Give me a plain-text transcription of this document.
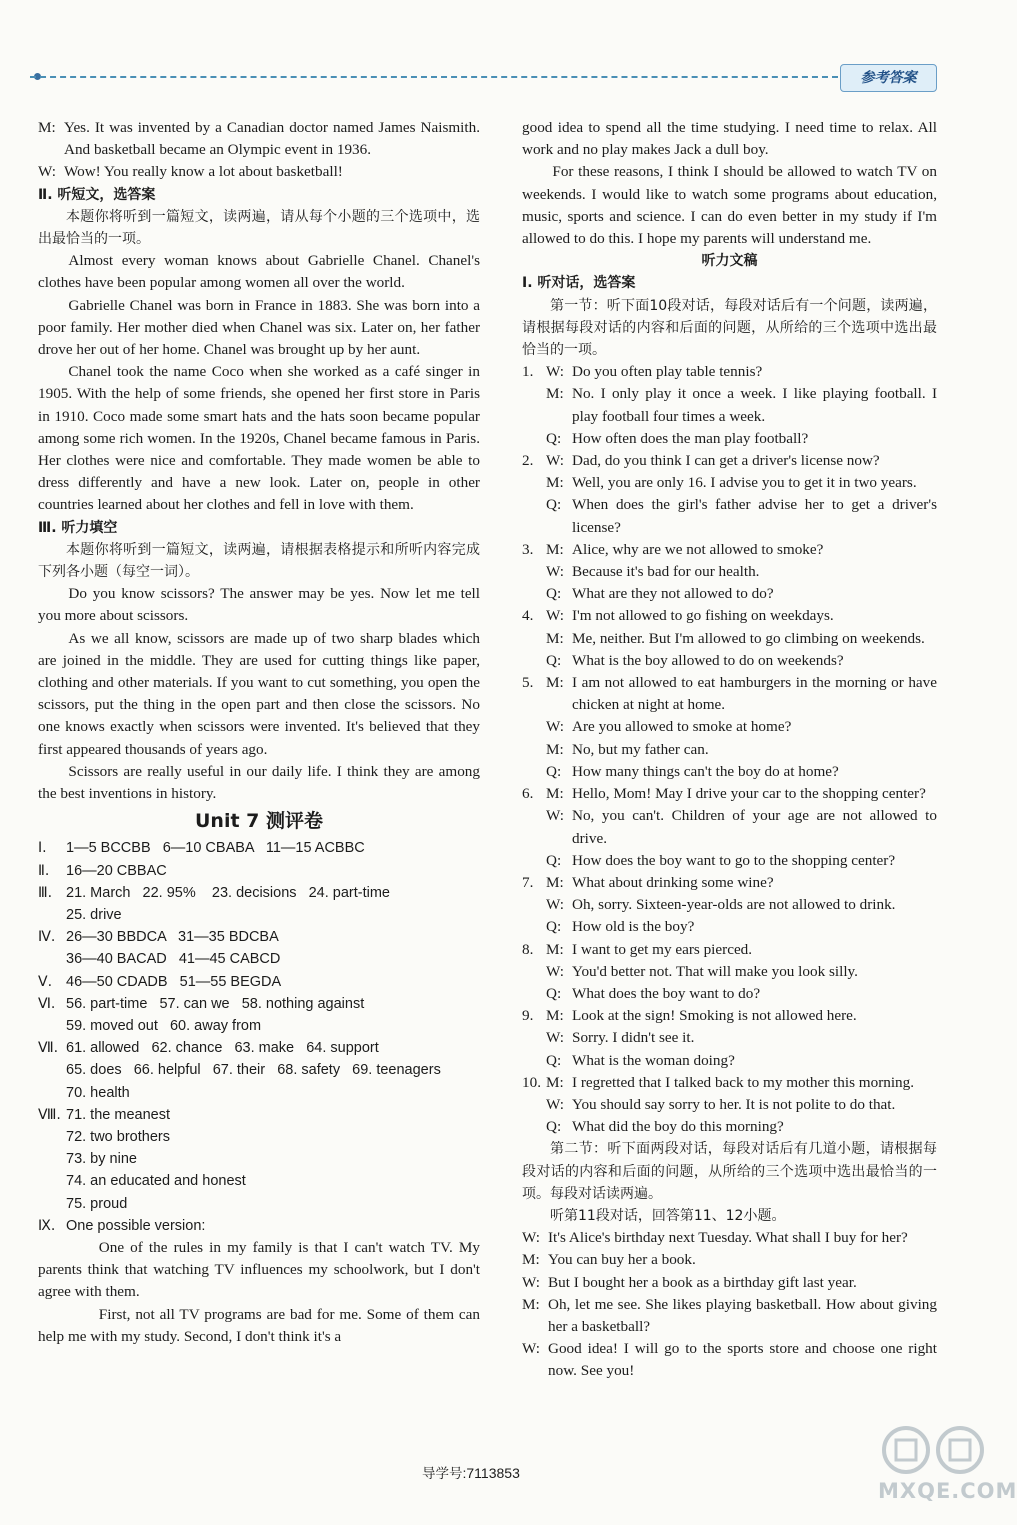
参考答案
M: Yes. It was invented by a Canadian doctor named James Naismith. And basketball became an Olympic event in 1936.
W: Wow! You really know a lot about basketball!

Ⅱ. 听短文，选答案

本题你将听到一篇短文，读两遍，请从每个小题的三个选项中，选出最恰当的一项。

Almost every woman knows about Gabrielle Chanel. Chanel's clothes have been popular among women all over the world.

Gabrielle Chanel was born in France in 1883. She was born into a poor family. Her mother died when Chanel was six. Later on, her father drove her out of her home. Chanel was brought up by her aunt.

Chanel took the name Coco when she worked as a café singer in 1905. With the help of some friends, she opened her first store in Paris in 1910. Coco made some smart hats and the hats soon became popular among some rich women. In the 1920s, Chanel became famous in Paris. Her clothes were nice and comfortable. They made women be able to dress differently and have a new look. Later on, people in other countries learned about her clothes and fell in love with them.

Ⅲ. 听力填空

本题你将听到一篇短文，读两遍，请根据表格提示和所听内容完成下列各小题（每空一词）。

Do you know scissors? The answer may be yes. Now let me tell you more about scissors.

As we all know, scissors are made up of two sharp blades which are joined in the middle. They are used for cutting things like paper, clothing and other materials. If you want to cut something, you open the scissors, put the thing in the open part and then close the scissors. No one knows exactly when scissors were invented. It's believed that they first appeared thousands of years ago.

Scissors are really useful in our daily life. I think they are among the best inventions in history.

Unit 7 测评卷

Ⅰ.	1—5 BCCBB   6—10 CBABA   11—15 ACBBC
Ⅱ.	16—20 CBBAC
Ⅲ. 21. March   22. 95%    23. decisions   24. part-time
25. drive
Ⅳ. 26—30 BBDCA   31—35 BDCBA
36—40 BACAD   41—45 CABCD
Ⅴ. 46—50 CDADB   51—55 BEGDA
Ⅵ. 56. part-time   57. can we   58. nothing against
59. moved out   60. away from
Ⅶ. 61. allowed   62. chance   63. make   64. support
65. does   66. helpful   67. their   68. safety   69. teenagers
70. health
Ⅷ. 71. the meanest
72. two brothers
73. by nine
74. an educated and honest
75. proud
Ⅸ. One possible version:

One of the rules in my family is that I can't watch TV. My parents think that watching TV influences my schoolwork, but I don't agree with them.

First, not all TV programs are bad for me. Some of them can help me with my study. Second, I don't think it's a

good idea to spend all the time studying. I need time to relax. All work and no play makes Jack a dull boy.

For these reasons, I think I should be allowed to watch TV on weekends. I would like to watch some programs about education, music, sports and science. I can do even better in my study if I'm allowed to do this. I hope my parents will understand me.

听力文稿

Ⅰ. 听对话，选答案

第一节：听下面10段对话，每段对话后有一个问题，读两遍，请根据每段对话的内容和后面的问题，从所给的三个选项中选出最恰当的一项。

1. W: Do you often play table tennis?
M: No. I only play it once a week. I like playing football. I play football four times a week.
Q: How often does the man play football?
2. W: Dad, do you think I can get a driver's license now?
M: Well, you are only 16. I advise you to get it in two years.
Q: When does the girl's father advise her to get a driver's license?
3. M: Alice, why are we not allowed to smoke?
W: Because it's bad for our health.
Q: What are they not allowed to do?
4. W: I'm not allowed to go fishing on weekdays.
M: Me, neither. But I'm allowed to go climbing on weekends.
Q: What is the boy allowed to do on weekends?
5. M: I am not allowed to eat hamburgers in the morning or have chicken at night at home.
W: Are you allowed to smoke at home?
M: No, but my father can.
Q: How many things can't the boy do at home?
6. M: Hello, Mom! May I drive your car to the shopping center?
W: No, you can't. Children of your age are not allowed to drive.
Q: How does the boy want to go to the shopping center?
7. M: What about drinking some wine?
W: Oh, sorry. Sixteen-year-olds are not allowed to drink.
Q: How old is the boy?
8. M: I want to get my ears pierced.
W: You'd better not. That will make you look silly.
Q: What does the boy want to do?
9. M: Look at the sign! Smoking is not allowed here.
W: Sorry. I didn't see it.
Q: What is the woman doing?
10. M: I regretted that I talked back to my mother this morning.
W: You should say sorry to her. It is not polite to do that.
Q: What did the boy do this morning?

第二节：听下面两段对话，每段对话后有几道小题，请根据每段对话的内容和后面的问题，从所给的三个选项中选出最恰当的一项。每段对话读两遍。

听第11段对话，回答第11、12小题。

W: It's Alice's birthday next Tuesday. What shall I buy for her?
M: You can buy her a book.
W: But I bought her a book as a birthday gift last year.
M: Oh, let me see. She likes playing basketball. How about giving her a basketball?
W: Good idea! I will go to the sports store and choose one right now. See you!
导学号:7113853
MXQE.COM
